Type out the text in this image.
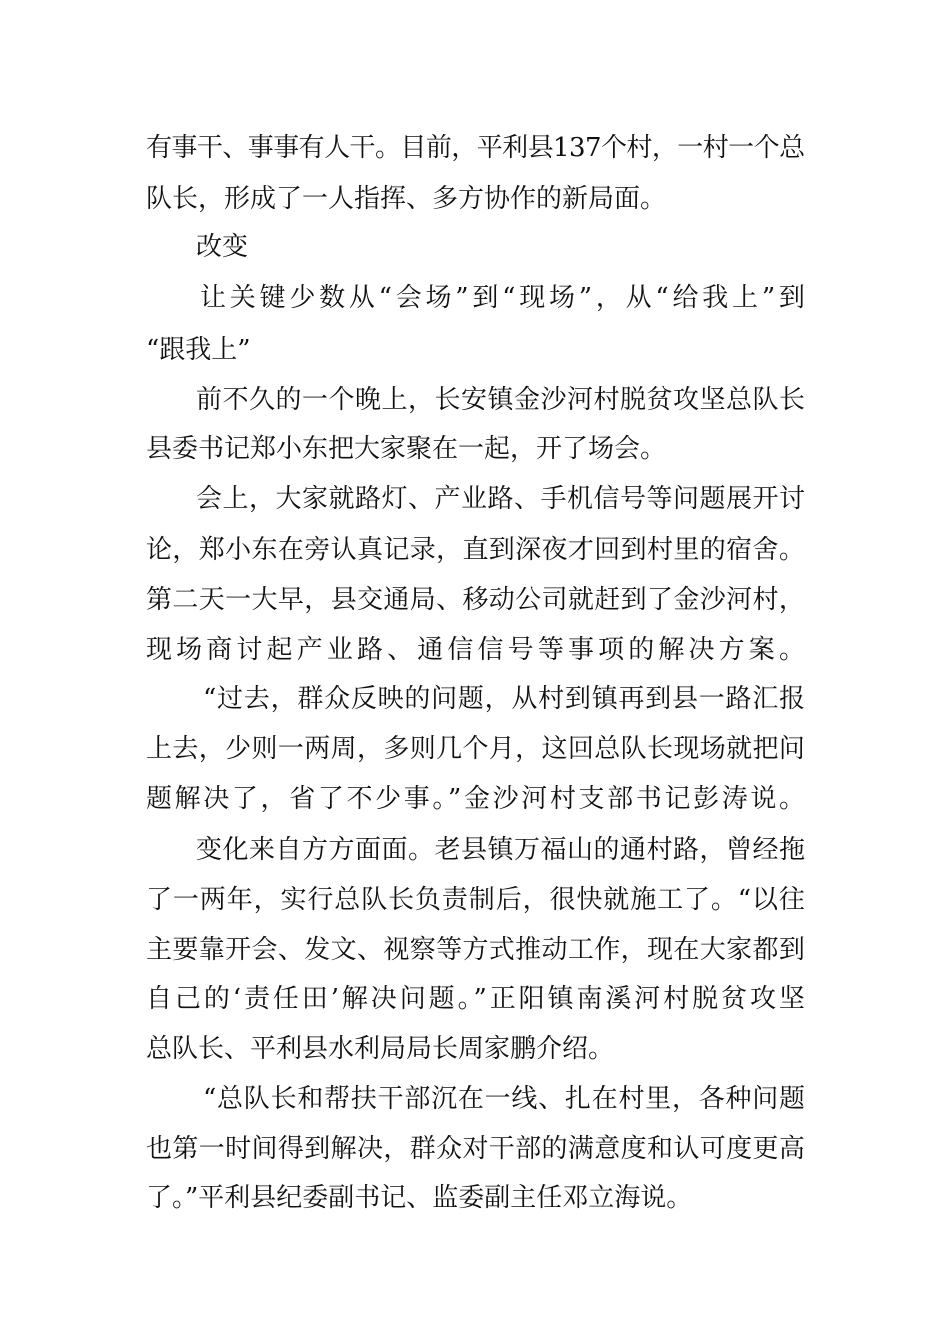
有事干、事事有人干。目前，平利县137个村，一村一个总

队长，形成了一人指挥、多方协作的新局面。

改变

让关键少数从“会场”到“现场”，从“给我上”到

“跟我上”

前不久的一个晚上，长安镇金沙河村脱贫攻坚总队长

县委书记郑小东把大家聚在一起，开了场会。

会上，大家就路灯、产业路、手机信号等问题展开讨

论，郑小东在旁认真记录，直到深夜才回到村里的宿舍。

第二天一大早，县交通局、移动公司就赶到了金沙河村，

现场商讨起产业路、通信信号等事项的解决方案。

“过去，群众反映的问题，从村到镇再到县一路汇报

上去，少则一两周，多则几个月，这回总队长现场就把问

题解决了，省了不少事。”金沙河村支部书记彭涛说。

变化来自方方面面。老县镇万福山的通村路，曾经拖

了一两年，实行总队长负责制后，很快就施工了。“以往

主要靠开会、发文、视察等方式推动工作，现在大家都到

自己的‘责任田’解决问题。”正阳镇南溪河村脱贫攻坚

总队长、平利县水利局局长周家鹏介绍。

“总队长和帮扶干部沉在一线、扎在村里，各种问题

也第一时间得到解决，群众对干部的满意度和认可度更高

了。”平利县纪委副书记、监委副主任邓立海说。
